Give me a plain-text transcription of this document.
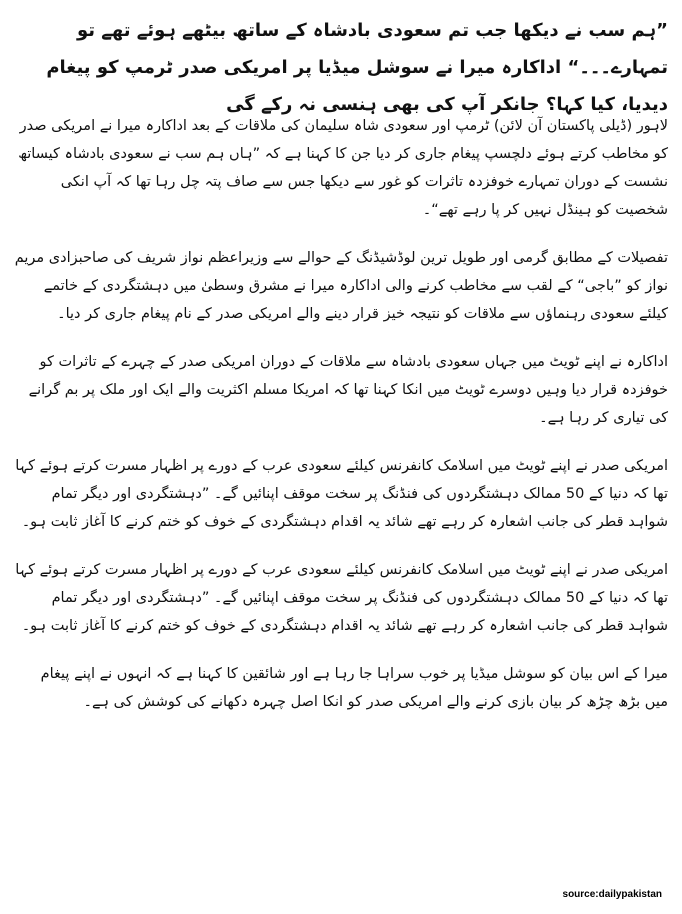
”ہم سب نے دیکھا جب تم سعودی بادشاہ کے ساتھ بیٹھے ہوئے تھے تو تمہارے۔۔۔“ اداکارہ میرا نے سوشل میڈیا پر امریکی صدر ٹرمپ کو پیغام دیدیا، کیا کہا؟ جانکر آپ کی بھی ہنسی نہ رکے گی

لاہور (ڈیلی پاکستان آن لائن) ٹرمپ اور سعودی شاہ سلیمان کی ملاقات کے بعد اداکارہ میرا نے امریکی صدر کو مخاطب کرتے ہوئے دلچسپ پیغام جاری کر دیا جن کا کہنا ہے کہ ”ہاں ہم سب نے سعودی بادشاہ کیساتھ نشست کے دوران تمہارے خوفزدہ تاثرات کو غور سے دیکھا جس سے صاف پتہ چل رہا تھا کہ آپ انکی شخصیت کو ہینڈل نہیں کر پا رہے تھے“۔

تفصیلات کے مطابق گرمی اور طویل ترین لوڈشیڈنگ کے حوالے سے وزیراعظم نواز شریف کی صاحبزادی مریم نواز کو ”باجی“ کے لقب سے مخاطب کرنے والی اداکارہ میرا نے مشرق وسطیٰ میں دہشتگردی کے خاتمے کیلئے سعودی رہنماؤں سے ملاقات کو نتیجہ خیز قرار دینے والے امریکی صدر کے نام پیغام جاری کر دیا۔

اداکارہ نے اپنے ٹویٹ میں جہاں سعودی بادشاہ سے ملاقات کے دوران امریکی صدر کے چہرے کے تاثرات کو خوفزدہ قرار دیا وہیں دوسرے ٹویٹ میں انکا کہنا تھا کہ امریکا مسلم اکثریت والے ایک اور ملک پر بم گرانے کی تیاری کر رہا ہے۔

امریکی صدر نے اپنے ٹویٹ میں اسلامک کانفرنس کیلئے سعودی عرب کے دورے پر اظہار مسرت کرتے ہوئے کہا تھا کہ دنیا کے 50 ممالک دہشتگردوں کی فنڈنگ پر سخت موقف اپنائیں گے۔ ”دہشتگردی اور دیگر تمام شواہد قطر کی جانب اشعارہ کر رہے تھے شائد یہ اقدام دہشتگردی کے خوف کو ختم کرنے کا آغاز ثابت ہو۔

امریکی صدر نے اپنے ٹویٹ میں اسلامک کانفرنس کیلئے سعودی عرب کے دورے پر اظہار مسرت کرتے ہوئے کہا تھا کہ دنیا کے 50 ممالک دہشتگردوں کی فنڈنگ پر سخت موقف اپنائیں گے۔ ”دہشتگردی اور دیگر تمام شواہد قطر کی جانب اشعارہ کر رہے تھے شائد یہ اقدام دہشتگردی کے خوف کو ختم کرنے کا آغاز ثابت ہو۔

میرا کے اس بیان کو سوشل میڈیا پر خوب سراہا جا رہا ہے اور شائقین کا کہنا ہے کہ انہوں نے اپنے پیغام میں بڑھ چڑھ کر بیان بازی کرنے والے امریکی صدر کو انکا اصل چہرہ دکھانے کی کوشش کی ہے۔

source:dailypakistan
